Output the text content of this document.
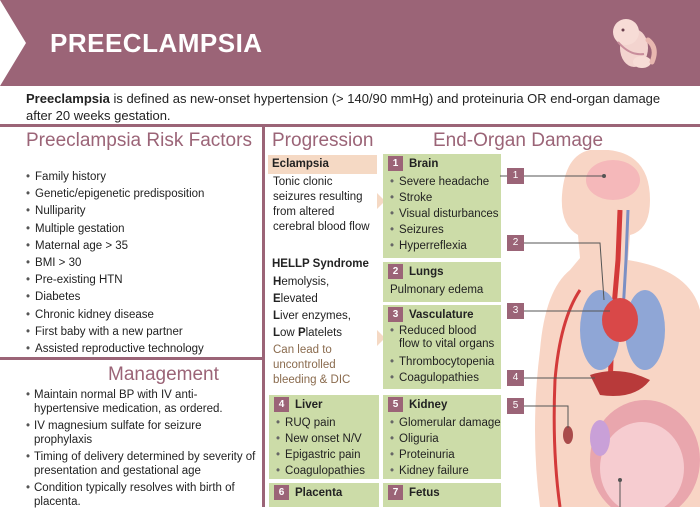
PREECLAMPSIA
Preeclampsia is defined as new-onset hypertension (> 140/90 mmHg) and proteinuria OR end-organ damage after 20 weeks gestation.
Preeclampsia Risk Factors
• Family history
• Genetic/epigenetic predisposition
• Nulliparity
• Multiple gestation
• Maternal age > 35
• BMI > 30
• Pre-existing HTN
• Diabetes
• Chronic kidney disease
• First baby with a new partner
• Assisted reproductive technology
Management
• Maintain normal BP with IV anti-hypertensive medication, as ordered.
• IV magnesium sulfate for seizure prophylaxis
• Timing of delivery determined by severity of presentation and gestational age
• Condition typically resolves with birth of placenta.
Progression	End-Organ Damage
Eclampsia
Tonic clonic seizures resulting from altered cerebral blood flow
HELLP Syndrome
Hemolysis,
Elevated
Liver enzymes,
Low Platelets
Can lead to uncontrolled bleeding & DIC
1 Brain
• Severe headache
• Stroke
• Visual disturbances
• Seizures
• Hyperreflexia
2 Lungs
Pulmonary edema
3 Vasculature
• Reduced blood flow to vital organs
• Thrombocytopenia
• Coagulopathies
4 Liver
• RUQ pain
• New onset N/V
• Epigastric pain
• Coagulopathies
5 Kidney
• Glomerular damage
• Oliguria
• Proteinuria
• Kidney failure
6 Placenta	7 Fetus
1
2
3
4
5
